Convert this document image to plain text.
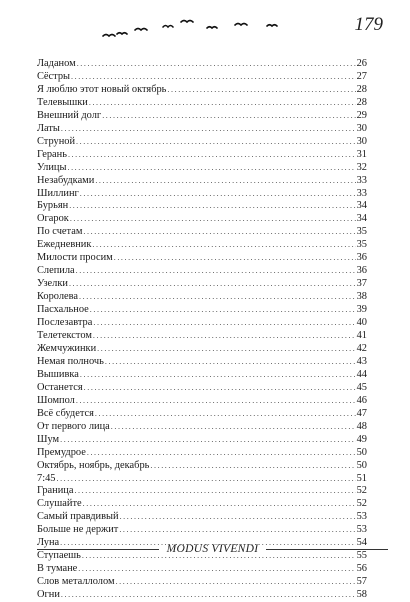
179
Ладаном .....	26
Сёстры .....	27
Я люблю этот новый октябрь .....	28
Телевышки .....	28
Внешний долг .....	29
Латы .....	30
Струной .....	30
Герань .....	31
Улицы .....	32
Незабудками .....	33
Шиллинг .....	33
Бурьян .....	34
Огарок .....	34
По счетам .....	35
Ежедневник .....	35
Милости просим .....	36
Слепила .....	36
Узелки .....	37
Королева .....	38
Пасхальное .....	39
Послезавтра .....	40
Телетекстом .....	41
Жемчужинки .....	42
Немая полночь .....	43
Вышивка .....	44
Останется .....	45
Шомпол .....	46
Всё сбудется .....	47
От первого лица .....	48
Шум .....	49
Премудрое .....	50
Октябрь, ноябрь, декабрь .....	50
7:45 .....	51
Граница .....	52
Слушайте .....	52
Самый правдивый .....	53
Больше не держит .....	53
Луна .....	54
Ступаешь .....	55
В тумане .....	56
Слов металлолом .....	57
Огни .....	58
MODUS VIVENDI
